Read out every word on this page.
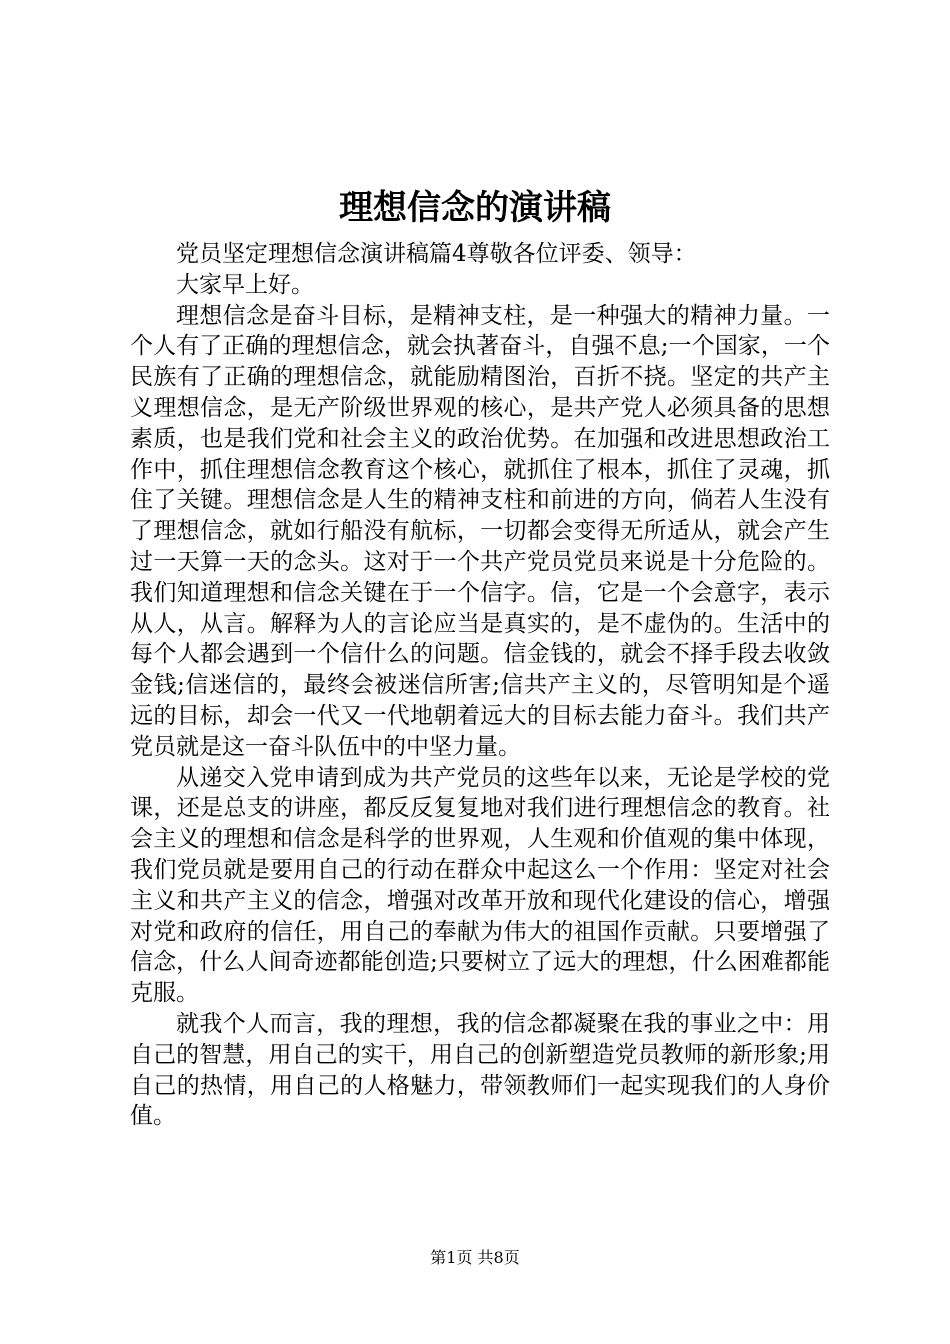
理想信念的演讲稿

党员坚定理想信念演讲稿篇4尊敬各位评委、领导：

大家早上好。

理想信念是奋斗目标，是精神支柱，是一种强大的精神力量。一个人有了正确的理想信念，就会执著奋斗，自强不息;一个国家，一个民族有了正确的理想信念，就能励精图治，百折不挠。坚定的共产主义理想信念，是无产阶级世界观的核心，是共产党人必须具备的思想素质，也是我们党和社会主义的政治优势。在加强和改进思想政治工作中，抓住理想信念教育这个核心，就抓住了根本，抓住了灵魂，抓住了关键。理想信念是人生的精神支柱和前进的方向，倘若人生没有了理想信念，就如行船没有航标，一切都会变得无所适从，就会产生过一天算一天的念头。这对于一个共产党员党员来说是十分危险的。我们知道理想和信念关键在于一个信字。信，它是一个会意字，表示从人，从言。解释为人的言论应当是真实的，是不虚伪的。生活中的每个人都会遇到一个信什么的问题。信金钱的，就会不择手段去收敛金钱;信迷信的，最终会被迷信所害;信共产主义的，尽管明知是个遥远的目标，却会一代又一代地朝着远大的目标去能力奋斗。我们共产党员就是这一奋斗队伍中的中坚力量。

从递交入党申请到成为共产党员的这些年以来，无论是学校的党课，还是总支的讲座，都反反复复地对我们进行理想信念的教育。社会主义的理想和信念是科学的世界观，人生观和价值观的集中体现，我们党员就是要用自己的行动在群众中起这么一个作用：坚定对社会主义和共产主义的信念，增强对改革开放和现代化建设的信心，增强对党和政府的信任，用自己的奉献为伟大的祖国作贡献。只要增强了信念，什么人间奇迹都能创造;只要树立了远大的理想，什么困难都能克服。

就我个人而言，我的理想，我的信念都凝聚在我的事业之中：用自己的智慧，用自己的实干，用自己的创新塑造党员教师的新形象;用自己的热情，用自己的人格魅力，带领教师们一起实现我们的人身价值。

第1页 共8页
